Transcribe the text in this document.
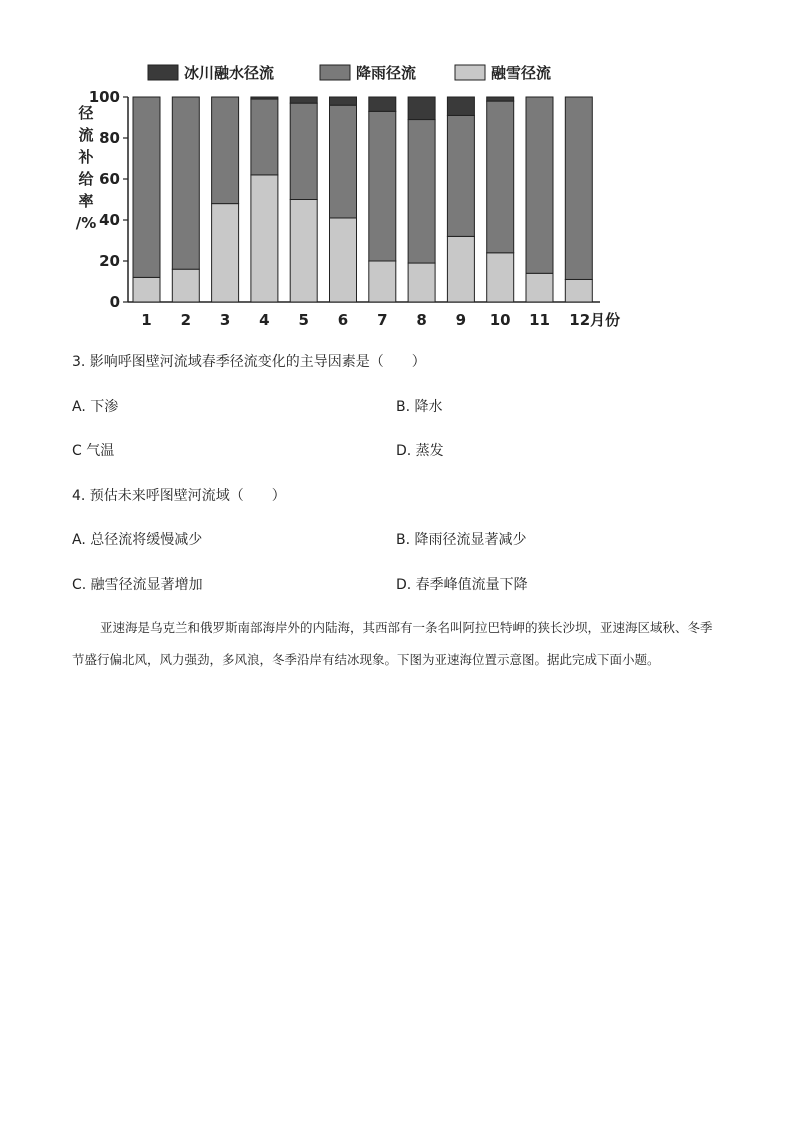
冰川融水径流	降雨径流	融雪径流
径
流
补
给
率
/%
0
20
40
60
80
100
1 2 3 4 5 6 7 8 9 10 11 12月份
3. 影响呼图壁河流域春季径流变化的主导因素是（　　）
A. 下渗	B. 降水
C 气温	D. 蒸发
4. 预估未来呼图壁河流域（　　）
A. 总径流将缓慢减少	B. 降雨径流显著减少
C. 融雪径流显著增加	D. 春季峰值流量下降
亚速海是乌克兰和俄罗斯南部海岸外的内陆海，其西部有一条名叫阿拉巴特岬的狭长沙坝，亚速海区域秋、冬季节盛行偏北风，风力强劲，多风浪，冬季沿岸有结冰现象。下图为亚速海位置示意图。据此完成下面小题。
